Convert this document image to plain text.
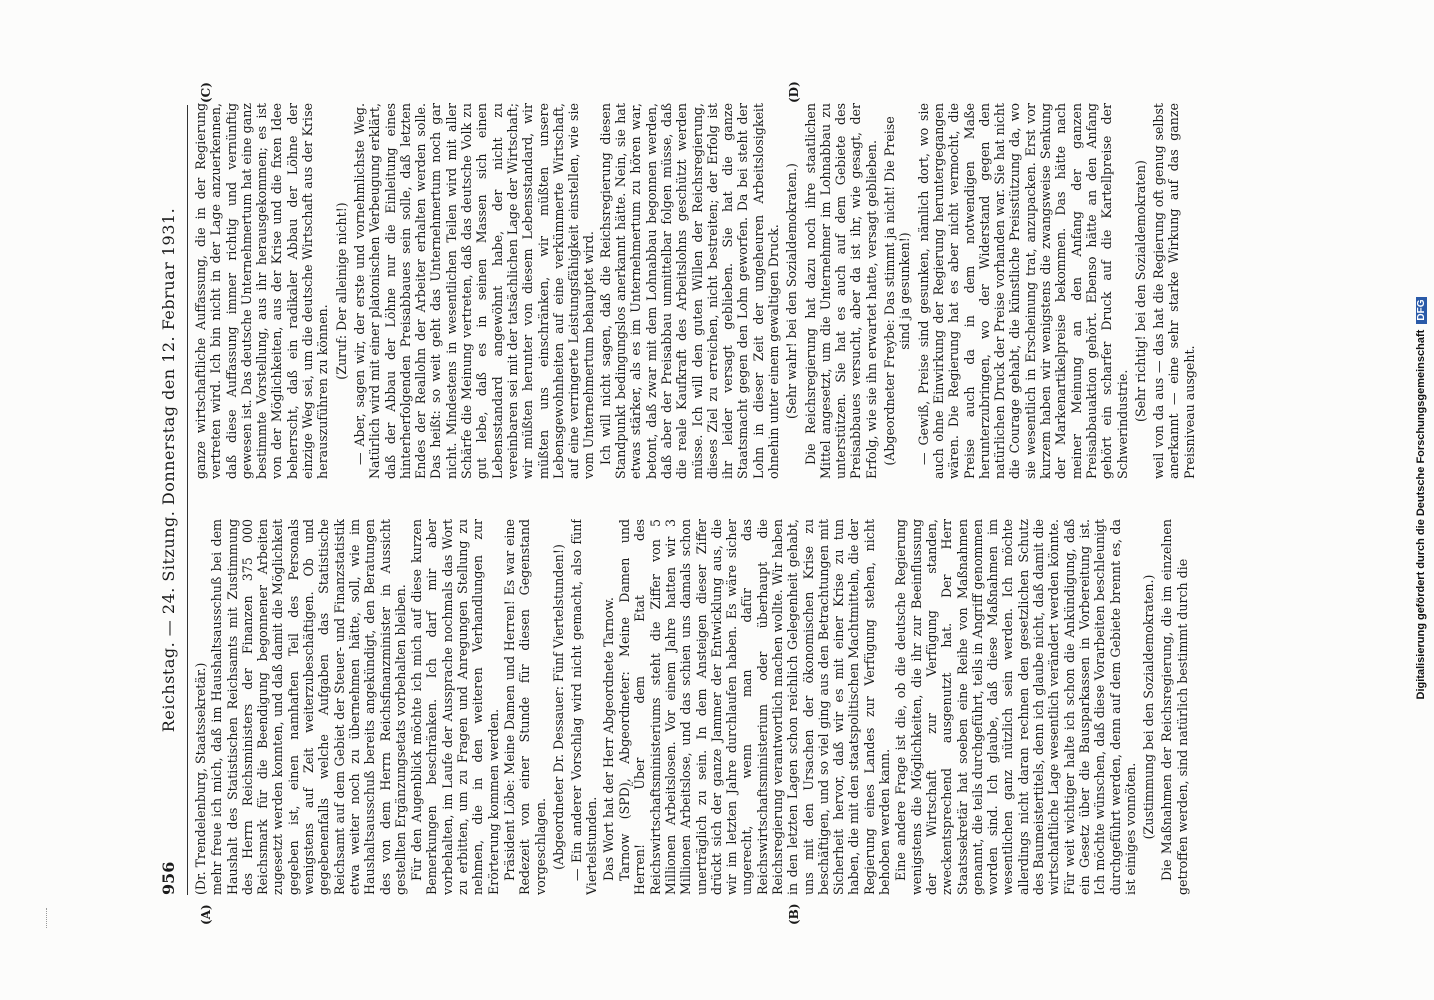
956
Reichstag. — 24. Sitzung. Donnerstag den 12. Februar 1931.
(A)	(B)
(C)	(D)

(Dr. Trendelenburg, Staatssekretär.) mehr freue ich mich, daß im Haushaltsausschuß bei dem Haushalt des Statistischen Reichsamts mit Zustimmung des Herrn Reichsministers der Finanzen 375 000 Reichsmark für die Beendigung begonnener Arbeiten zugesetzt werden konnten, und daß damit die Möglichkeit gegeben ist, einen namhaften Teil des Personals wenigstens auf Zeit weiterzubeschäftigen. Ob und gegebenenfalls welche Aufgaben das Statistische Reichsamt auf dem Gebiet der Steuer- und Finanzstatistik etwa weiter noch zu übernehmen hätte, soll, wie im Haushaltsausschuß bereits angekündigt, den Beratungen des von dem Herrn Reichsfinanzminister in Aussicht gestellten Ergänzungsetats vorbehalten bleiben. Für den Augenblick möchte ich mich auf diese kurzen Bemerkungen beschränken. Ich darf mir aber vorbehalten, im Laufe der Aussprache nochmals das Wort zu erbitten, um zu Fragen und Anregungen Stellung zu nehmen, die in den weiteren Verhandlungen zur Erörterung kommen werden. Präsident Löbe: Meine Damen und Herren! Es war eine Redezeit von einer Stunde für diesen Gegenstand vorgeschlagen. (Abgeordneter Dr. Dessauer: Fünf Viertelstunden!) — Ein anderer Vorschlag wird nicht gemacht, also fünf Viertelstunden. Das Wort hat der Herr Abgeordnete Tarnow. Tarnow (SPD), Abgeordneter: Meine Damen und Herren! Über dem Etat des Reichswirtschaftsministeriums steht die Ziffer von 5 Millionen Arbeitslosen. Vor einem Jahre hatten wir 3 Millionen Arbeitslose, und das schien uns damals schon unerträglich zu sein. In dem Ansteigen dieser Ziffer drückt sich der ganze Jammer der Entwicklung aus, die wir im letzten Jahre durchlaufen haben. Es wäre sicher ungerecht, wenn man dafür das Reichswirtschaftsministerium oder überhaupt die Reichsregierung verantwortlich machen wollte. Wir haben in den letzten Lagen schon reichlich Gelegenheit gehabt, uns mit den Ursachen der ökonomischen Krise zu beschäftigen, und so viel ging aus den Betrachtungen mit Sicherheit hervor, daß wir es mit einer Krise zu tun haben, die mit den staatspolitischen Machtmitteln, die der Regierung eines Landes zur Verfügung stehen, nicht behoben werden kann. Eine andere Frage ist die, ob die deutsche Regierung wenigstens die Möglichkeiten, die ihr zur Beeinflussung der Wirtschaft zur Verfügung standen, zweckentsprechend ausgenutzt hat. Der Herr Staatssekretär hat soeben eine Reihe von Maßnahmen genannt, die teils durchgeführt, teils in Angriff genommen worden sind. Ich glaube, daß diese Maßnahmen im wesentlichen ganz nützlich sein werden. Ich möchte allerdings nicht daran rechnen den gesetzlichen Schutz des Baumeistertitels, denn ich glaube nicht, daß damit die wirtschaftliche Lage wesentlich verändert werden könnte. Für weit wichtiger halte ich schon die Ankündigung, daß ein Gesetz über die Bausparkassen in Vorbereitung ist. Ich möchte wünschen, daß diese Vorarbeiten beschleunigt durchgeführt werden, denn auf dem Gebiete brennt es, da ist einiges vonnöten. (Zustimmung bei den Sozialdemokraten.) Die Maßnahmen der Reichsregierung, die im einzelnen getroffen werden, sind natürlich bestimmt durch die

ganze wirtschaftliche Auffassung, die in der Regierung vertreten wird. Ich bin nicht in der Lage anzuerkennen, daß diese Auffassung immer richtig und vernünftig gewesen ist. Das deutsche Unternehmertum hat eine ganz bestimmte Vorstellung, aus ihr herausgekommen; es ist von der Möglichkeiten, aus der Krise und die fixen Idee beherrscht, daß ein radikaler Abbau der Löhne der einzige Weg sei, um die deutsche Wirtschaft aus der Krise herauszuführen zu können.

(Zuruf: Der alleinige nicht!) — Aber, sagen wir, der erste und vornehmlichste Weg. Natürlich wird mit einer platonischen Verbeugung erklärt, daß der Abbau der Löhne nur die Einleitung eines hinterherfolgenden Preisabbaues sein solle, daß letzten Endes der Reallohn der Arbeiter erhalten werden solle. Das heißt: so weit geht das Unternehmertum noch gar nicht. Mindestens in wesentlichen Teilen wird mit aller Schärfe die Meinung vertreten, daß das deutsche Volk zu gut lebe, daß es in seinen Massen sich einen Lebensstandard angewöhnt habe, der nicht zu vereinbaren sei mit der tatsächlichen Lage der Wirtschaft; wir müßten herunter von diesem Lebensstandard, wir müßten uns einschränken, wir müßten unsere Lebensgewohnheiten auf eine verkümmerte Wirtschaft, auf eine verringerte Leistungsfähigkeit einstellen, wie sie vom Unternehmertum behauptet wird. Ich will nicht sagen, daß die Reichsregierung diesen Standpunkt bedingungslos anerkannt hätte. Nein, sie hat etwas stärker, als es im Unternehmertum zu hören war, betont, daß zwar mit dem Lohnabbau begonnen werden, daß aber der Preisabbau unmittelbar folgen müsse, daß die reale Kaufkraft des Arbeitslohns geschützt werden müsse. Ich will den guten Willen der Reichsregierung, dieses Ziel zu erreichen, nicht bestreiten; der Erfolg ist ihr leider versagt geblieben. Sie hat die ganze Staatsmacht gegen den Lohn geworfen. Da bei steht der Lohn in dieser Zeit der ungeheuren Arbeitslosigkeit ohnehin unter einem gewaltigen Druck. (Sehr wahr! bei den Sozialdemokraten.) Die Reichsregierung hat dazu noch ihre staatlichen Mittel angesetzt, um die Unternehmer im Lohnabbau zu unterstützen. Sie hat es auch auf dem Gebiete des Preisabbaues versucht, aber da ist ihr, wie gesagt, der Erfolg, wie sie ihn erwartet hatte, versagt geblieben. (Abgeordneter Freybe: Das stimmt ja nicht! Die Preise sind ja gesunken!) — Gewiß, Preise sind gesunken, nämlich dort, wo sie auch ohne Einwirkung der Regierung heruntergegangen wären. Die Regierung hat es aber nicht vermocht, die Preise auch da in dem notwendigen Maße herunterzubringen, wo der Widerstand gegen den natürlichen Druck der Preise vorhanden war. Sie hat nicht die Courage gehabt, die künstliche Preisstützung da, wo sie wesentlich in Erscheinung trat, anzupacken. Erst vor kurzem haben wir wenigstens die zwangsweise Senkung der Markenartikelpreise bekommen. Das hätte nach meiner Meinung an den Anfang der ganzen Preisabbauaktion gehört. Ebenso hätte an den Anfang gehört ein scharfer Druck auf die Kartellpreise der Schwerindustrie.

(Sehr richtig! bei den Sozialdemokraten) weil von da aus — das hat die Regierung oft genug selbst anerkannt — eine sehr starke Wirkung auf das ganze Preisniveau ausgeht.	Digitalisierung gefördert durch die Deutsche Forschungsgemeinschaft DFG
